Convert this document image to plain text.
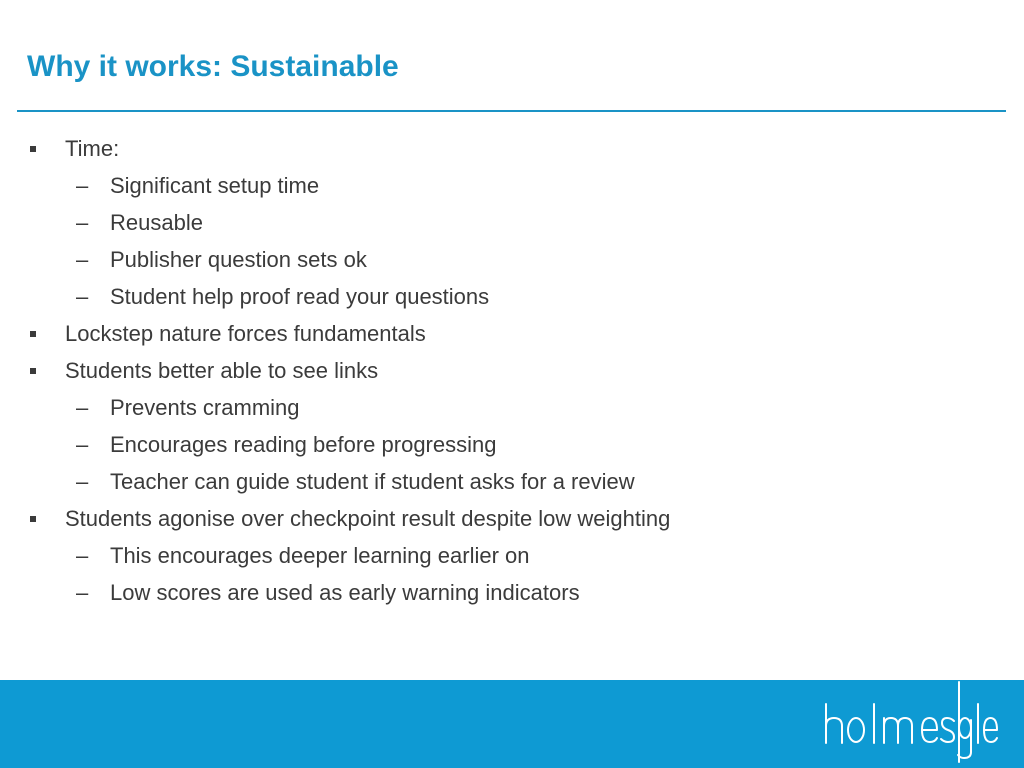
Why it works: Sustainable
Time:
– Significant setup time
– Reusable
– Publisher question sets ok
– Student help proof read your questions
Lockstep nature forces fundamentals
Students better able to see links
– Prevents cramming
– Encourages reading before progressing
– Teacher can guide student if student asks for a review
Students agonise over checkpoint result despite low weighting
– This encourages deeper learning earlier on
– Low scores are used as early warning indicators
